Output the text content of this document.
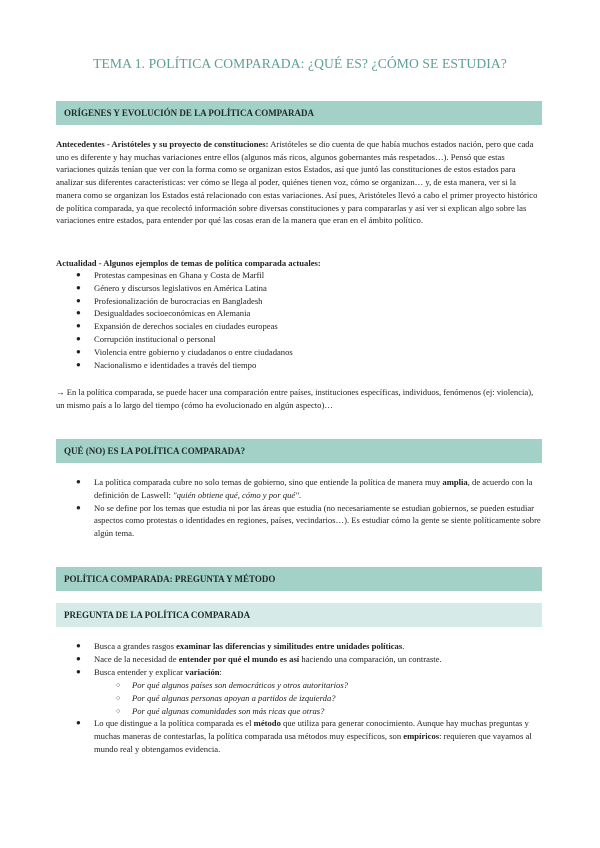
TEMA 1. POLÍTICA COMPARADA: ¿QUÉ ES? ¿CÓMO SE ESTUDIA?
ORÍGENES Y EVOLUCIÓN DE LA POLÍTICA COMPARADA

Antecedentes - Aristóteles y su proyecto de constituciones: Aristóteles se dio cuenta de que había muchos estados nación, pero que cada uno es diferente y hay muchas variaciones entre ellos (algunos más ricos, algunos gobernantes más respetados…). Pensó que estas variaciones quizás tenían que ver con la forma como se organizan estos Estados, así que juntó las constituciones de estos estados para analizar sus diferentes características: ver cómo se llega al poder, quiénes tienen voz, cómo se organizan… y, de esta manera, ver si la manera como se organizan los Estados está relacionado con estas variaciones. Así pues, Aristóteles llevó a cabo el primer proyecto histórico de política comparada, ya que recolectó información sobre diversas constituciones y para compararlas y así ver si explican algo sobre las variaciones entre estados, para entender por qué las cosas eran de la manera que eran en el ámbito político.

Actualidad - Algunos ejemplos de temas de política comparada actuales:

● Protestas campesinas en Ghana y Costa de Marfil
● Género y discursos legislativos en América Latina
● Profesionalización de burocracias en Bangladesh
● Desigualdades socioeconómicas en Alemania
● Expansión de derechos sociales en ciudades europeas
● Corrupción institucional o personal
● Violencia entre gobierno y ciudadanos o entre ciudadanos
● Nacionalismo e identidades a través del tiempo

→ En la política comparada, se puede hacer una comparación entre países, instituciones específicas, individuos, fenómenos (ej: violencia), un mismo país a lo largo del tiempo (cómo ha evolucionado en algún aspecto)…

QUÉ (NO) ES LA POLÍTICA COMPARADA?
● La política comparada cubre no solo temas de gobierno, sino que entiende la política de manera muy amplia, de acuerdo con la definición de Laswell: "quién obtiene qué, cómo y por qué".
● No se define por los temas que estudia ni por las áreas que estudia (no necesariamente se estudian gobiernos, se pueden estudiar aspectos como protestas o identidades en regiones, países, vecindarios…). Es estudiar cómo la gente se siente políticamente sobre algún tema.
POLÍTICA COMPARADA: PREGUNTA Y MÉTODO
PREGUNTA DE LA POLÍTICA COMPARADA
● Busca a grandes rasgos examinar las diferencias y similitudes entre unidades políticas.
● Nace de la necesidad de entender por qué el mundo es así haciendo una comparación, un contraste.
● Busca entender y explicar variación:
○ Por qué algunos países son democráticos y otros autoritarios?
○ Por qué algunas personas apoyan a partidos de izquierda?
○ Por qué algunas comunidades son más ricas que otras?
● Lo que distingue a la política comparada es el método que utiliza para generar conocimiento. Aunque hay muchas preguntas y muchas maneras de contestarlas, la política comparada usa métodos muy específicos, son empíricos: requieren que vayamos al mundo real y obtengamos evidencia.
